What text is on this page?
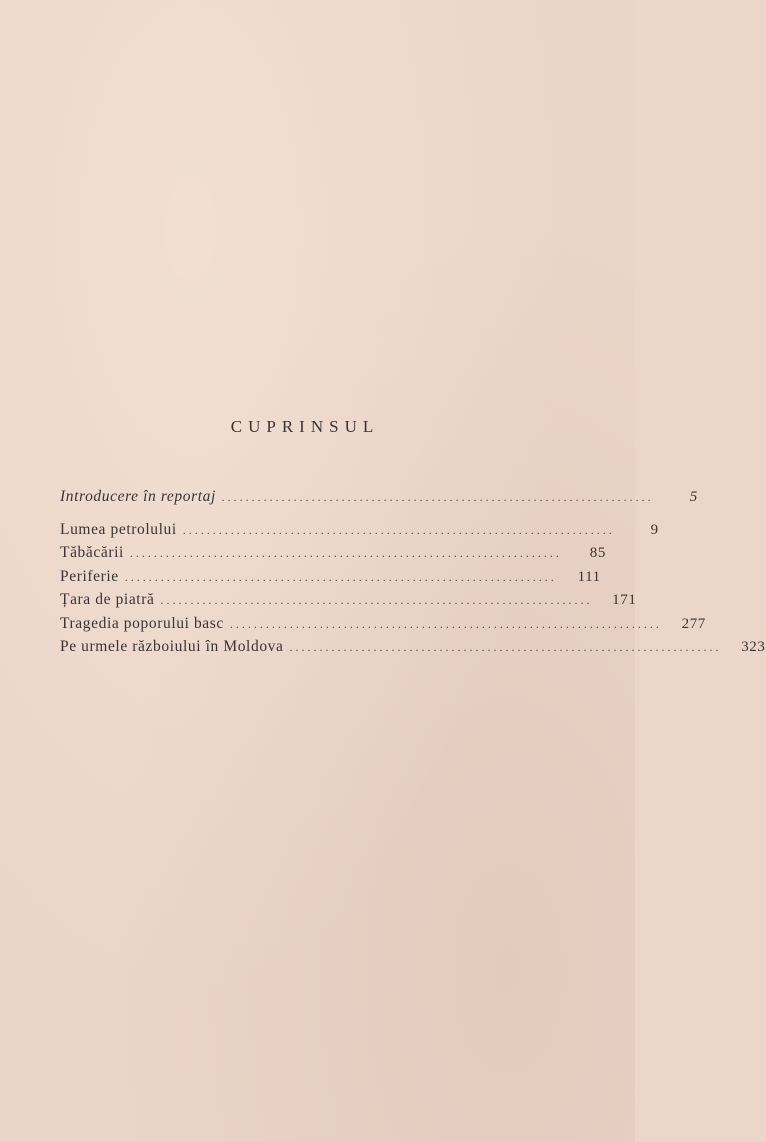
CUPRINSUL
Introducere în reportaj ........................................................................	5
Lumea petrolului ........................................................................	9
Tăbăcării ........................................................................	85
Periferie ........................................................................	111
Țara de piatră ........................................................................	171
Tragedia poporului basc ........................................................................	277
Pe urmele războiului în Moldova ........................................................................	323
